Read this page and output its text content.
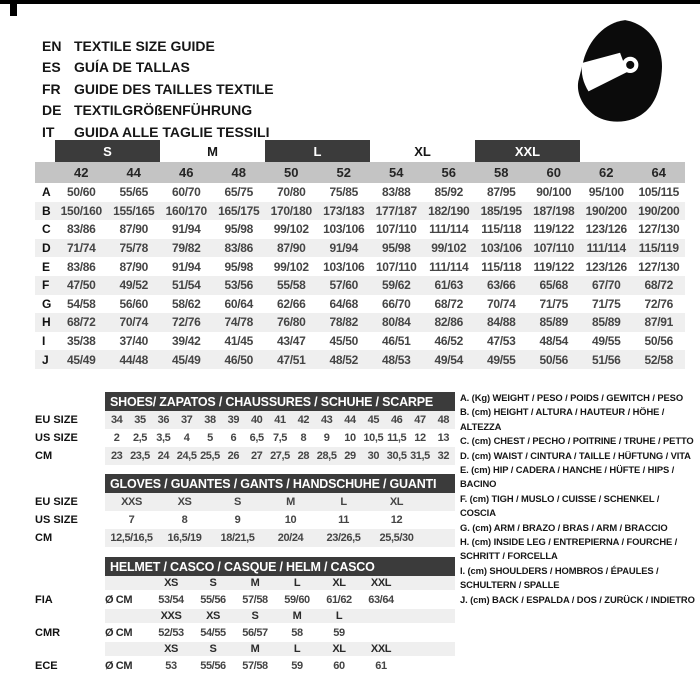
EN TEXTILE SIZE GUIDE
ES GUÍA DE TALLAS
FR GUIDE DES TAILLES TEXTILE
DE TEXTILGRÖßENFÜHRUNG
IT	GUIDA ALLE TAGLIE TESSILI
S	M	L	XL	XXL
42	44	46	48	50	52	54	56	58	60	62	64
A	50/60	55/65	60/70	65/75	70/80	75/85	83/88	85/92	87/95	90/100	95/100	105/115
B 150/160 155/165 160/170 165/175 170/180 173/183 177/187 182/190 185/195 187/198 190/200 190/200
C	83/86	87/90	91/94	95/98	99/102	103/106 107/110	111/114	115/118	119/122 123/126 127/130
D	71/74	75/78	79/82	83/86	87/90	91/94	95/98	99/102	103/106 107/110	111/114	115/119
E	83/86	87/90	91/94	95/98	99/102	103/106 107/110	111/114	115/118	119/122 123/126 127/130
F	47/50	49/52	51/54	53/56	55/58	57/60	59/62	61/63	63/66	65/68	67/70	68/72
G	54/58	56/60	58/62	60/64	62/66	64/68	66/70	68/72	70/74	71/75	71/75	72/76
H	68/72	70/74	72/76	74/78	76/80	78/82	80/84	82/86	84/88	85/89	85/89	87/91
I	35/38	37/40	39/42	41/45	43/47	45/50	46/51	46/52	47/53	48/54	49/55	50/56
J	45/49	44/48	45/49	46/50	47/51	48/52	48/53	49/54	49/55	50/56	51/56	52/58
SHOES/ ZAPATOS / CHAUSSURES / SCHUHE / SCARPE
EU SIZE	34	35	36	37	38	39	40	41	42	43	44	45	46	47	48
US SIZE	2	2,5 3,5	4	5	6	6,5 7,5	8	9	10 10,5 11,5 12	13
CM	23 23,5 24 24,5 25,5 26	27 27,5 28 28,5 29	30 30,5 31,5 32
GLOVES / GUANTES / GANTS / HANDSCHUHE / GUANTI
EU SIZE	XXS	XS	S	M	L	XL
US SIZE	7	8	9	10	11	12
CM	12,5/16,5	16,5/19	18/21,5	20/24	23/26,5	25,5/30
HELMET / CASCO / CASQUE / HELM / CASCO
XS	S	M	L	XL	XXL
FIA	Ø CM	53/54	55/56	57/58	59/60	61/62	63/64
XXS	XS	S	M	L
CMR	Ø CM	52/53	54/55	56/57	58	59
XS	S	M	L	XL	XXL
ECE	Ø CM	53	55/56	57/58	59	60	61
A. (Kg) WEIGHT / PESO / POIDS / GEWITCH / PESO
B. (cm) HEIGHT / ALTURA / HAUTEUR / HÖHE / ALTEZZA
C. (cm) CHEST / PECHO / POITRINE / TRUHE / PETTO
D. (cm) WAIST / CINTURA / TAILLE / HÜFTUNG / VITA
E. (cm) HIP / CADERA / HANCHE / HÜFTE / HIPS / BACINO
F. (cm) TIGH / MUSLO / CUISSE / SCHENKEL / COSCIA
G. (cm) ARM / BRAZO / BRAS / ARM / BRACCIO
H. (cm) INSIDE LEG / ENTREPIERNA / FOURCHE / SCHRITT / FORCELLA
I. (cm) SHOULDERS / HOMBROS / ÉPAULES / SCHULTERN / SPALLE
J. (cm) BACK / ESPALDA / DOS / ZURÜCK / INDIETRO
